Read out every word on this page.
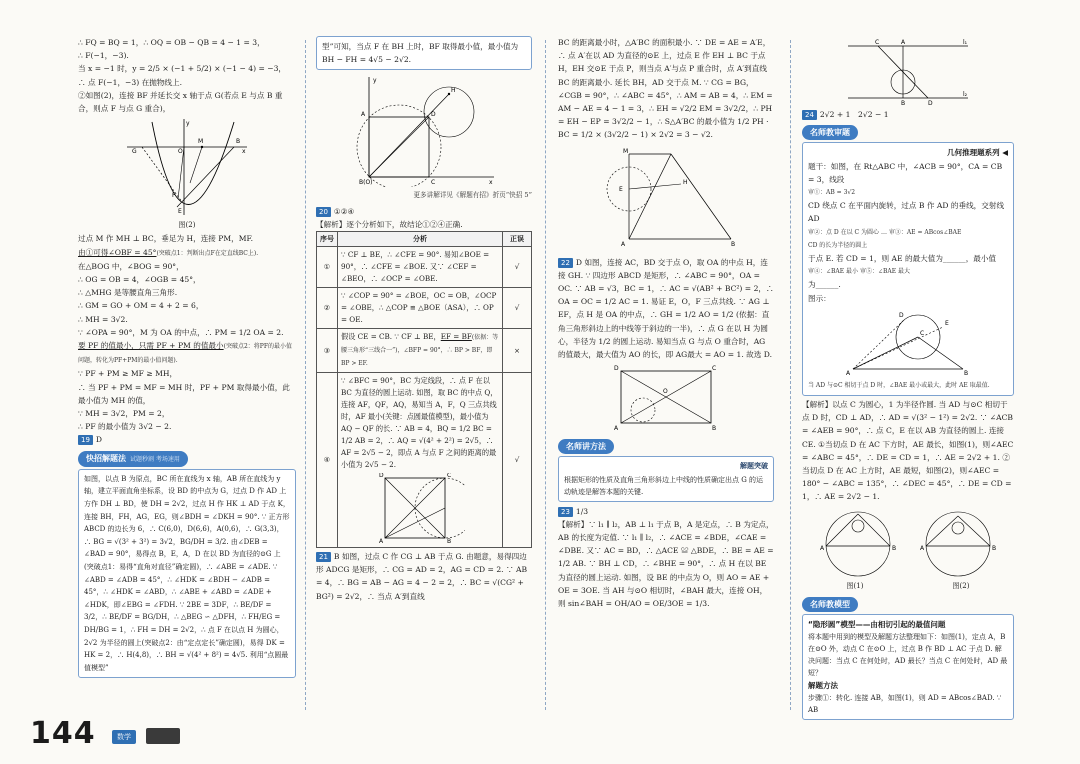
∴ FQ = BQ = 1，∴ OQ = OB − QB = 4 − 1 = 3，
∴ F(−1，−3).
当 x = −1 时，y = 2/5 × (−1 + 5/2) × (−1 − 4) = −3，
∴ 点 F(−1，−3) 在抛物线上.
②如图(2)，连接 BF 并延长交 x 轴于点 G(若点 E 与点 B 重合，则点 F 与点 G 重合)，
M	B
G	O
y
x
F
E
图(2)
过点 M 作 MH ⊥ BC，垂足为 H，连接 PM，MF.
由①可得∠OBF = 45°(突破点1：判断出点F在定直线BC上).
在△BOG 中，∠BOG = 90°，
∴ OG = OB = 4，∠OGB = 45°，
∴ △MHG 是等腰直角三角形.
∴ GM = GO + OM = 4 + 2 = 6，
∴ MH = 3√2.
∵ ∠OPA = 90°，M 为 OA 的中点，∴ PM = 1/2 OA = 2.
要 PF 的值最小，只需 PF + PM 的值最小(突破点2：将PF的最小值问题，转化为PF+PM的最小值问题).
∵ PF + PM ≥ MF ≥ MH，
∴ 当 PF + PM = MF = MH 时，PF + PM 取得最小值，此最小值为 MH 的值，
∵ MH = 3√2，PM = 2，
∴ PF 的最小值为 3√2 − 2.
19 D
快招解题法 试题秒割 考场速用
如图，以点 B 为原点，BC 所在直线为 x 轴，AB 所在直线为 y 轴，建立平面直角坐标系，设 BD 的中点为 G，过点 D 作 AD 上方作 DH ⊥ BD，使 DH = 2√2，过点 H 作 HK ⊥ AD 于点 K，连接 BH，FH，AG，EG，则∠BDH = ∠DKH = 90°. ∵ 正方形 ABCD 的边长为 6，∴ C(6,0)，D(6,6)，A(0,6)，∴ G(3,3)，∴ BG = √(3² + 3²) = 3√2，BG/DH = 3/2. 由∠DEB = ∠BAD = 90°，易得点 B，E，A，D 在以 BD 为直径的⊙G 上(突破点1：易得“直角对直径”确定圆)，∴ ∠ABE = ∠ADE. ∵ ∠ABD = ∠ADB = 45°，∴ ∠HDK = ∠BDH − ∠ADB = 45°，∴ ∠HDK = ∠ABD，∴ ∠ABE + ∠ABD = ∠ADE + ∠HDK，即∠EBG = ∠FDH. ∵ 2BE = 3DF，∴ BE/DF = 3/2，∴ BE/DF = BG/DH，∴ △BEG ∽ △DFH，∴ FH/EG = DH/BG = 1，∴ FH = DH = 2√2，∴ 点 F 在以点 H 为圆心，2√2 为半径的圆上(突破点2：由“定点定长”确定圆)，易得 DK = HK = 2，∴ H(4,8)，∴ BH = √(4² + 8²) = 4√5. 利用“点圆最值模型”
型”可知，当点 F 在 BH 上时，BF 取得最小值，最小值为 BH − FH = 4√5 − 2√2.
H
B(O)	C
A	D
x
y
更多讲解详见《解题有招》折页“快招 5”
20 ①②④
【解析】逐个分析如下，故结论①②④正确.
序号	分析	正误
①	∵ CF ⊥ BE，∴ ∠CFE = 90°. 易知∠BOE = 90°，∴ ∠CFE = ∠BOE. 又∵ ∠CEF = ∠BEO，∴ ∠OCP = ∠OBE.	√
②	∵ ∠COP = 90° = ∠BOE，OC = OB，∠OCP = ∠OBE，∴ △COP ≌ △BOE（ASA），∴ OP = OE.	√
③	假设 CE = CB. ∵ CF ⊥ BE，EF = BF(依据：等腰三角形“三线合一”)，∠BFP = 90°，∴ BP > BF，即 BP > EF.	×
④	∵ ∠BFC = 90°，BC 为定线段，∴ 点 F 在以 BC 为直径的圆上运动. 如图，取 BC 的中点 Q，连接 AF，QF，AQ，易知当 A，F，Q 三点共线时，AF 最小(关键：点圆最值模型)，最小值为 AQ − QF 的长. ∵ AB = 4，BQ = 1/2 BC = 1/2 AB = 2，∴ AQ = √(4² + 2²) = 2√5，∴ AF = 2√5 − 2，即点 A 与点 F 之间的距离的最小值为 2√5 − 2.
D C
A B	√
21 B 如图，过点 C 作 CG ⊥ AB 于点 G. 由题意，易得四边形 ADCG 是矩形，∴ CG = AD = 2，AG = CD = 2. ∵ AB = 4，∴ BG = AB − AG = 4 − 2 = 2，∴ BC = √(CG² + BG²) = 2√2，∴ 当点 A′到直线
BC 的距离最小时，△A′BC 的面积最小. ∵ DE = AE = A′E，∴ 点 A′在以 AD 为直径的⊙E 上，过点 E 作 EH ⊥ BC 于点 H，EH 交⊙E 于点 P，则当点 A′与点 P 重合时，点 A′到直线 BC 的距离最小. 延长 BH，AD 交于点 M. ∵ CG = BG，∠CGB = 90°，∴ ∠ABC = 45°，∴ AM = AB = 4，∴ EM = AM − AE = 4 − 1 = 3，∴ EH = √2/2 EM = 3√2/2，∴ PH = EH − EP = 3√2/2 − 1，∴ S△A′BC 的最小值为 1/2 PH · BC = 1/2 × (3√2/2 − 1) × 2√2 = 3 − √2.
M
A	B
H
E
22 D 如图，连接 AC，BD 交于点 O，取 OA 的中点 H，连接 GH. ∵ 四边形 ABCD 是矩形，∴ ∠ABC = 90°，OA = OC. ∵ AB = √3，BC = 1，∴ AC = √(AB² + BC²) = 2，∴ OA = OC = 1/2 AC = 1. 易证 E，O，F 三点共线. ∵ AG ⊥ EF，点 H 是 OA 的中点，∴ GH = 1/2 AO = 1/2 (依据：直角三角形斜边上的中线等于斜边的一半)，∴ 点 G 在以 H 为圆心，半径为 1/2 的圆上运动. 易知当点 G 与点 O 重合时，AG 的值最大，最大值为 AO 的长，即 AG最大 = AO = 1. 故选 D.
D	C
A	B
O
名师讲方法
解题突破
根据矩形的性质及直角三角形斜边上中线的性质确定出点 G 的运动轨迹是解答本题的关键.
23 1/3
【解析】∵ l₁ ∥ l₂，AB ⊥ l₁ 于点 B，A 是定点，∴ B 为定点，AB 的长度为定值. ∵ l₁ ∥ l₂，∴ ∠ACE = ∠BDE，∠CAE = ∠DBE. 又∵ AC = BD，∴ △ACE ≌ △BDE，∴ BE = AE = 1/2 AB. ∵ BH ⊥ CD，∴ ∠BHE = 90°，∴ 点 H 在以 BE 为直径的圆上运动. 如图，设 BE 的中点为 O，则 AO = AE + OE = 3OE. 当 AH 与⊙O 相切时，∠BAH 最大，连接 OH，则 sin∠BAH = OH/AO = OE/3OE = 1/3.
C	A
B	D
l₁
l₂
24 2√2 + 1　 2√2 − 1
名师教审题
几何推理题系列 ◀
题干：如图，在 Rt△ABC 中，∠ACB = 90°，CA = CB = 3，线段
审①：AB = 3√2
CD 绕点 C 在平面内旋转，过点 B 作 AD 的垂线，交射线 AD
审②：点 D 在以 C 为圆心 … 审③：AE = ABcos∠BAE
CD 的长为半径的圆上
于点 E. 若 CD = 1，则 AE 的最大值为______，最小值
审④：∠BAE 最小 审⑤：∠BAE 最大
为______.
图示：
A	B
C
D
E
当 AD 与⊙C 相切于点 D 时，∠BAE 最小或最大，此时 AE 取最值.
【解析】以点 C 为圆心，1 为半径作圆. 当 AD 与⊙C 相切于点 D 时，CD ⊥ AD，∴ AD = √(3² − 1²) = 2√2. ∵ ∠ACB = ∠AEB = 90°，∴ 点 C，E 在以 AB 为直径的圆上. 连接 CE. ①当切点 D 在 AC 下方时，AE 最长，如图(1)，则∠AEC = ∠ABC = 45°，∴ DE = CD = 1，∴ AE = 2√2 + 1. ②当切点 D 在 AC 上方时，AE 最短，如图(2)，则∠AEC = 180° − ∠ABC = 135°，∴ ∠DEC = 45°，∴ DE = CD = 1，∴ AE = 2√2 − 1.
A	B	A	B
图(1)	图(2)
名师教模型
“隐形圆”模型——由相切引起的最值问题
将本题中用到的模型及解题方法整理如下：如图(1)，定点 A，B 在⊙O 外，动点 C 在⊙O 上，过点 B 作 BD ⊥ AC 于点 D. 解决问题：当点 C 在何处时，AD 最长？当点 C 在何处时，AD 最短？
解题方法
步骤①：转化. 连接 AB，如图(1)，则 AD = ABcos∠BAD. ∵ AB
144	数学
